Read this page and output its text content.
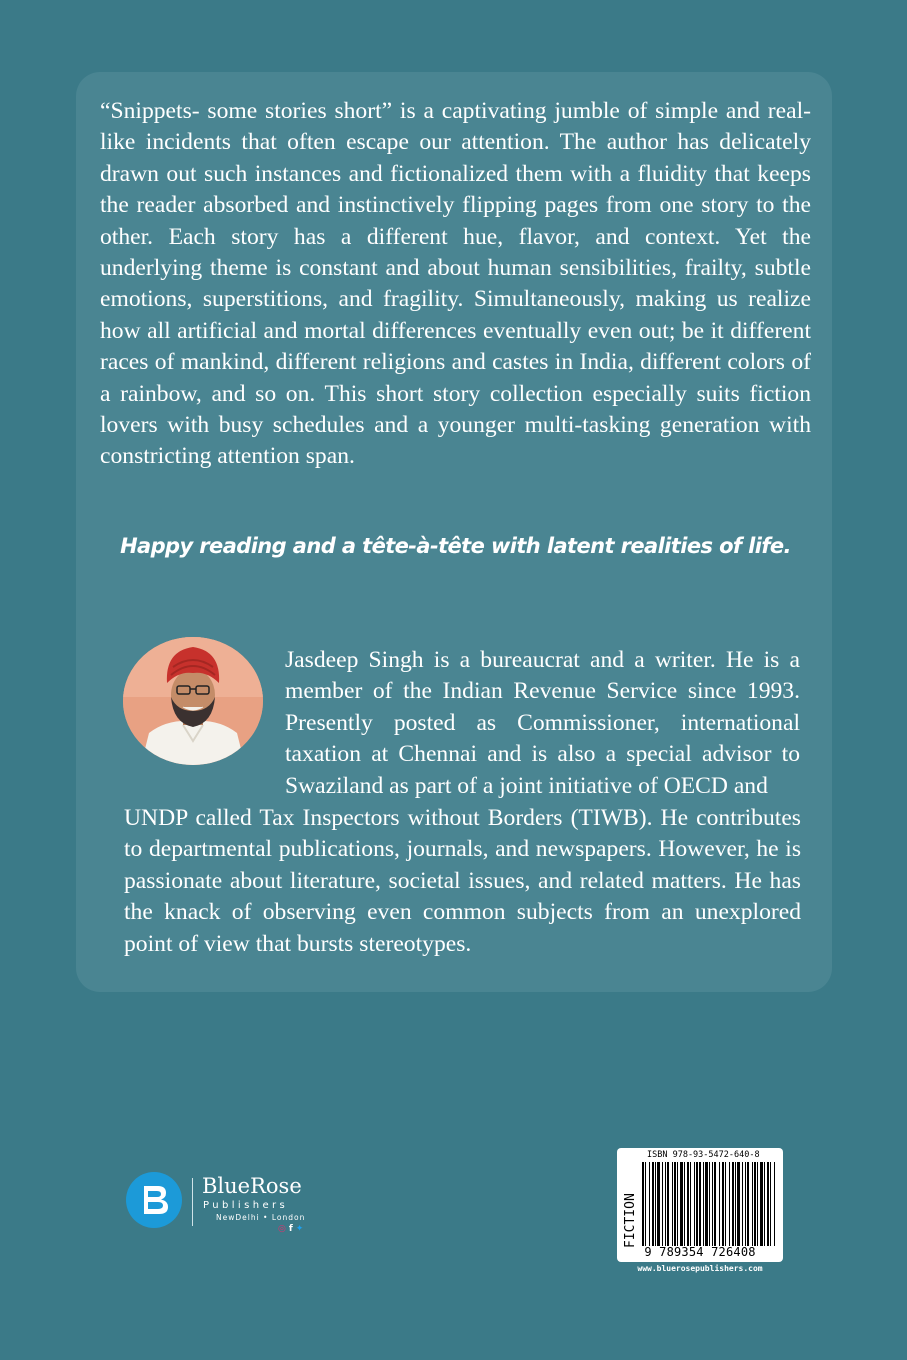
“Snippets- some stories short” is a captivating jumble of simple and real-like incidents that often escape our attention. The author has delicately drawn out such instances and fictionalized them with a fluidity that keeps the reader absorbed and instinctively flipping pages from one story to the other. Each story has a different hue, flavor, and context. Yet the underlying theme is constant and about human sensibilities, frailty, subtle emotions, superstitions, and fragility. Simultaneously, making us realize how all artificial and mortal differences eventually even out; be it different races of mankind, different religions and castes in India, different colors of a rainbow, and so on. This short story collection especially suits fiction lovers with busy schedules and a younger multi-tasking generation with constricting attention span.

Happy reading and a tête-à-tête with latent realities of life.

Jasdeep Singh is a bureaucrat and a writer. He is a member of the Indian Revenue Service since 1993. Presently posted as Commissioner, international taxation at Chennai and is also a special advisor to Swaziland as part of a joint initiative of OECD and

UNDP called Tax Inspectors without Borders (TIWB). He contributes to departmental publications, journals, and newspapers. However, he is passionate about literature, societal issues, and related matters. He has the knack of observing even common subjects from an unexplored point of view that bursts stereotypes.

BlueRose
Publishers
NewDelhi • London
◎ f ✦
ISBN 978-93-5472-640-8
FICTION
9 789354 726408
www.bluerosepublishers.com
